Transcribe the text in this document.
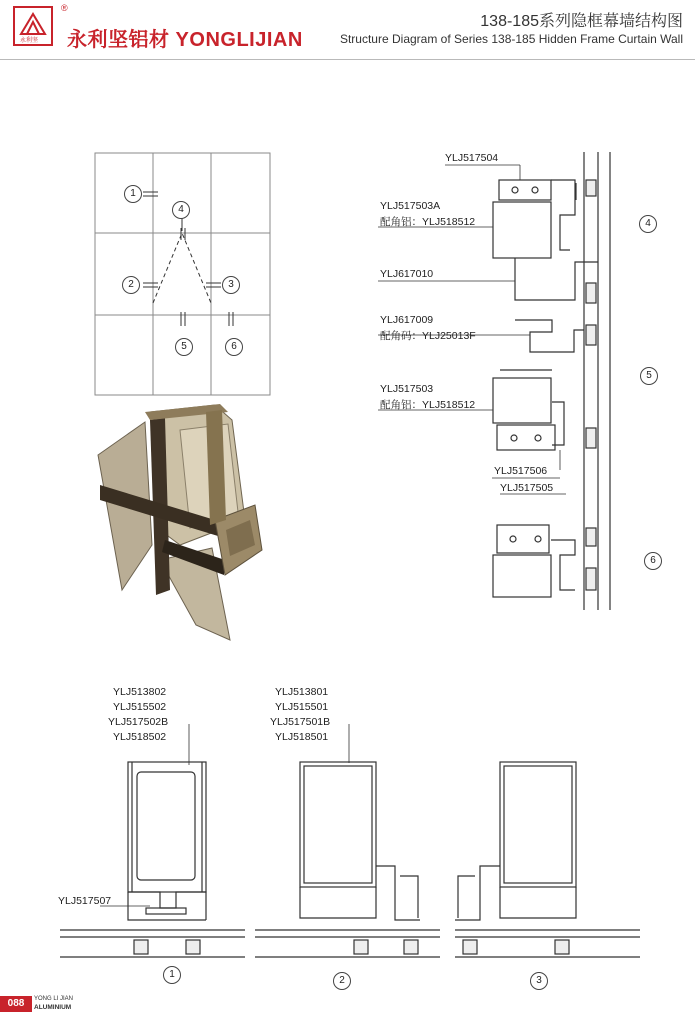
永利坚
®
永利坚铝材 YONGLIJIAN
138-185系列隐框幕墙结构图
Structure Diagram of Series 138-185 Hidden Frame Curtain Wall
1
4
2	3
5	6
YLJ517504
YLJ517503A
配角铝：YLJ518512
YLJ617010
YLJ617009
配角码：YLJ25013F
YLJ517503
配角铝：YLJ518512
YLJ517506
YLJ517505
4
5
6
YLJ513802
YLJ515502
YLJ517502B
YLJ518502
YLJ517507
1
YLJ513801
YLJ515501
YLJ517501B
YLJ518501
2	3
088	YONG LI JIAN
ALUMINIUM
